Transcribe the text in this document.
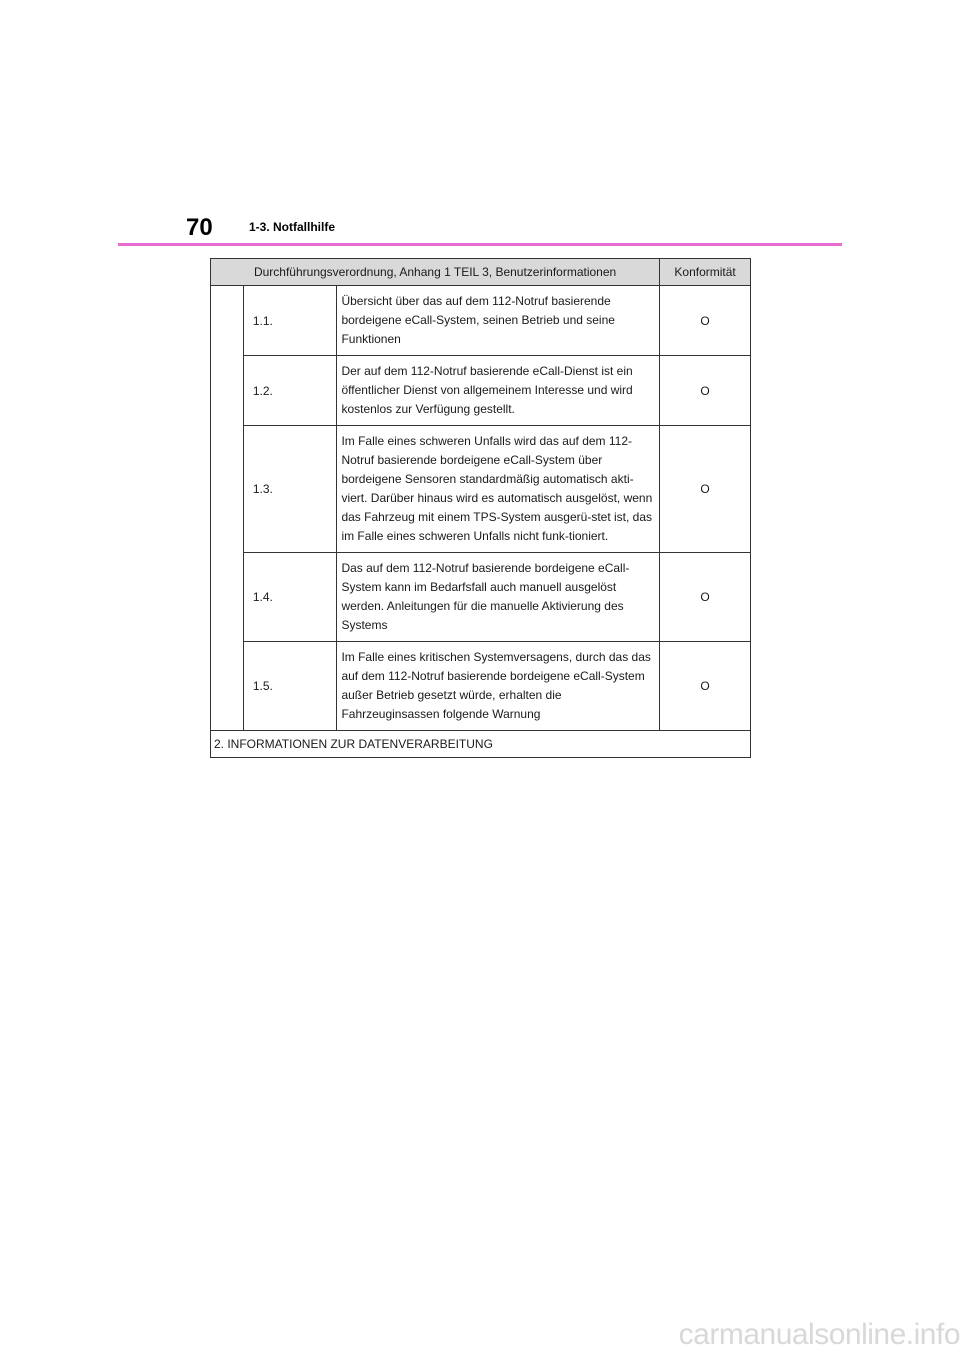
70	1-3. Notfallhilfe
Durchführungsverordnung, Anhang 1 TEIL 3, Benutzerinformationen			Konformität
	1.1.	Übersicht über das auf dem 112-Notruf basierende bordeigene eCall-System, seinen Betrieb und seine Funktionen	O
	1.2.	Der auf dem 112-Notruf basierende eCall-Dienst ist ein öffentlicher Dienst von allgemeinem Interesse und wird kostenlos zur Verfügung gestellt.	O
	1.3.	Im Falle eines schweren Unfalls wird das auf dem 112-Notruf basierende bordeigene eCall-System über bordeigene Sensoren standardmäßig automatisch akti-viert. Darüber hinaus wird es automatisch ausgelöst, wenn das Fahrzeug mit einem TPS-System ausgerü-stet ist, das im Falle eines schweren Unfalls nicht funk-tioniert.	O
	1.4.	Das auf dem 112-Notruf basierende bordeigene eCall-System kann im Bedarfsfall auch manuell ausgelöst werden. Anleitungen für die manuelle Aktivierung des Systems	O
	1.5.	Im Falle eines kritischen Systemversagens, durch das das auf dem 112-Notruf basierende bordeigene eCall-System außer Betrieb gesetzt würde, erhalten die Fahrzeuginsassen folgende Warnung	O
2. INFORMATIONEN ZUR DATENVERARBEITUNG			
carmanualsonline.info
